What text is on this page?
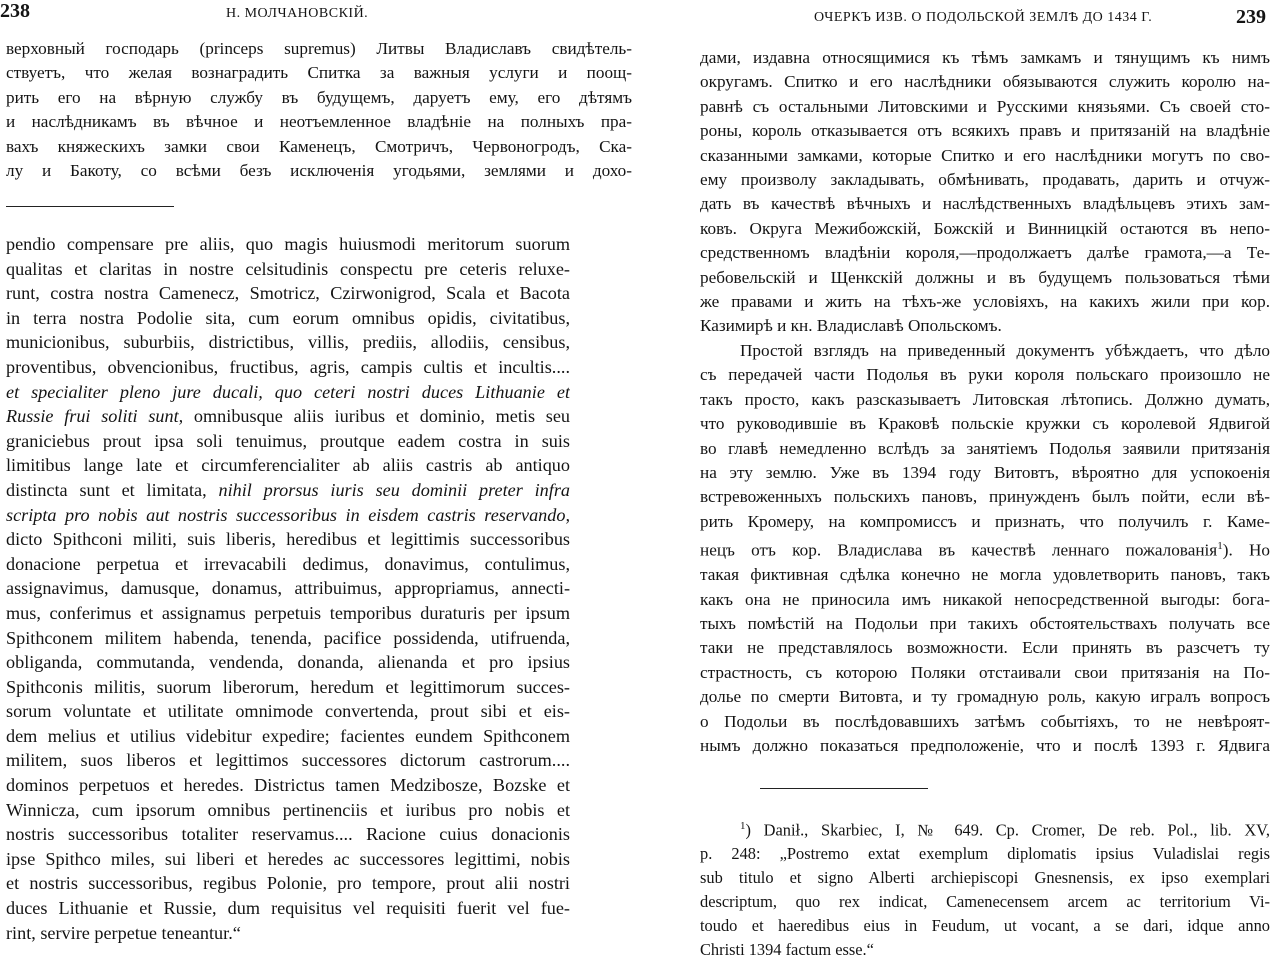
238	Н. МОЛЧАНОВСКІЙ.
верховный господарь (princeps supremus) Литвы Владиславъ свидѣтель-
ствуетъ, что желая вознаградить Спитка за важныя услуги и поощ-
рить его на вѣрную службу въ будущемъ, даруетъ ему, его дѣтямъ
и наслѣдникамъ въ вѣчное и неотъемленное владѣніе на полныхъ пра-
вахъ княжескихъ замки свои Каменецъ, Смотричъ, Червоногродъ, Ска-
лу и Бакоту, со всѣми безъ исключенія угодьями, землями и дохо-
pendio compensare pre aliis, quo magis huiusmodi meritorum suorum
qualitas et claritas in nostre celsitudinis conspectu pre ceteris reluxe-
runt, costra nostra Camenecz, Smotricz, Czirwonigrod, Scala et Bacota
in terra nostra Podolie sita, cum eorum omnibus opidis, civitatibus,
municionibus, suburbiis, districtibus, villis, prediis, allodiis, censibus,
proventibus, obvencionibus, fructibus, agris, campis cultis et incultis....
et specialiter pleno jure ducali, quo ceteri nostri duces Lithuanie et
Russie frui soliti sunt, omnibusque aliis iuribus et dominio, metis seu
graniciebus prout ipsa soli tenuimus, proutque eadem costra in suis
limitibus lange late et circumferencialiter ab aliis castris ab antiquo
distincta sunt et limitata, nihil prorsus iuris seu dominii preter infra
scripta pro nobis aut nostris successoribus in eisdem castris reservando,
dicto Spithconi militi, suis liberis, heredibus et legittimis successoribus
donacione perpetua et irrevacabili dedimus, donavimus, contulimus,
assignavimus, damusque, donamus, attribuimus, appropriamus, annecti-
mus, conferimus et assignamus perpetuis temporibus duraturis per ipsum
Spithconem militem habenda, tenenda, pacifice possidenda, utifruenda,
obliganda, commutanda, vendenda, donanda, alienanda et pro ipsius
Spithconis militis, suorum liberorum, heredum et legittimorum succes-
sorum voluntate et utilitate omnimode convertenda, prout sibi et eis-
dem melius et utilius videbitur expedire; facientes eundem Spithconem
militem, suos liberos et legittimos successores dictorum castrorum....
dominos perpetuos et heredes. Districtus tamen Medzibosze, Bozske et
Winnicza, cum ipsorum omnibus pertinenciis et iuribus pro nobis et
nostris successoribus totaliter reservamus.... Racione cuius donacionis
ipse Spithco miles, sui liberi et heredes ac successores legittimi, nobis
et nostris successoribus, regibus Polonie, pro tempore, prout alii nostri
duces Lithuanie et Russie, dum requisitus vel requisiti fuerit vel fue-
rint, servire perpetue teneantur.“
ОЧЕРКЪ ИЗВ. О ПОДОЛЬСКОЙ ЗЕМЛѢ ДО 1434 Г.	239
дами, издавна относящимися къ тѣмъ замкамъ и тянущимъ къ нимъ
округамъ. Спитко и его наслѣдники обязываются служить королю на-
равнѣ съ остальными Литовскими и Русскими князьями. Съ своей сто-
роны, король отказывается отъ всякихъ правъ и притязаній на владѣніе
сказанными замками, которые Спитко и его наслѣдники могутъ по сво-
ему произволу закладывать, обмѣнивать, продавать, дарить и отчуж-
дать въ качествѣ вѣчныхъ и наслѣдственныхъ владѣльцевъ этихъ зам-
ковъ. Округа Межибожскій, Божскій и Винницкій остаются въ непо-
средственномъ владѣніи короля,—продолжаетъ далѣе грамота,—а Те-
ребовельскій и Щенкскій должны и въ будущемъ пользоваться тѣми
же правами и жить на тѣхъ-же условіяхъ, на какихъ жили при кор.
Казимирѣ и кн. Владиславѣ Опольскомъ.
Простой взглядъ на приведенный документъ убѣждаетъ, что дѣло
съ передачей части Подолья въ руки короля польскаго произошло не
такъ просто, какъ разсказываетъ Литовская лѣтопись. Должно думать,
что руководившіе въ Краковѣ польскіе кружки съ королевой Ядвигой
во главѣ немедленно вслѣдъ за занятіемъ Подолья заявили притязанія
на эту землю. Уже въ 1394 году Витовтъ, вѣроятно для успокоенія
встревоженныхъ польскихъ пановъ, принужденъ былъ пойти, если вѣ-
рить Кромеру, на компромиссъ и признать, что получилъ г. Каме-
нецъ отъ кор. Владислава въ качествѣ леннаго пожалованія$^1$). Но
такая фиктивная сдѣлка конечно не могла удовлетворить пановъ, такъ
какъ она не приносила имъ никакой непосредственной выгоды: бога-
тыхъ помѣстій на Подольи при такихъ обстоятельствахъ получать все
таки не представлялось возможности. Если принять въ разсчетъ ту
страстность, съ которою Поляки отстаивали свои притязанія на По-
долье по смерти Витовта, и ту громадную роль, какую игралъ вопросъ
о Подольи въ послѣдовавшихъ затѣмъ событіяхъ, то не невѣроят-
нымъ должно показаться предположеніе, что и послѣ 1393 г. Ядвига
$^1$) Danił., Skarbiec, I, № 649. Cp. Cromer, De reb. Pol., lib. XV,
p. 248: „Postremo extat exemplum diplomatis ipsius Vuladislai regis
sub titulo et signo Alberti archiepiscopi Gnesnensis, ex ipso exemplari
descriptum, quo rex indicat, Camenecensem arcem ac territorium Vi-
toudo et haeredibus eius in Feudum, ut vocant, a se dari, idque anno
Christi 1394 factum esse.“
